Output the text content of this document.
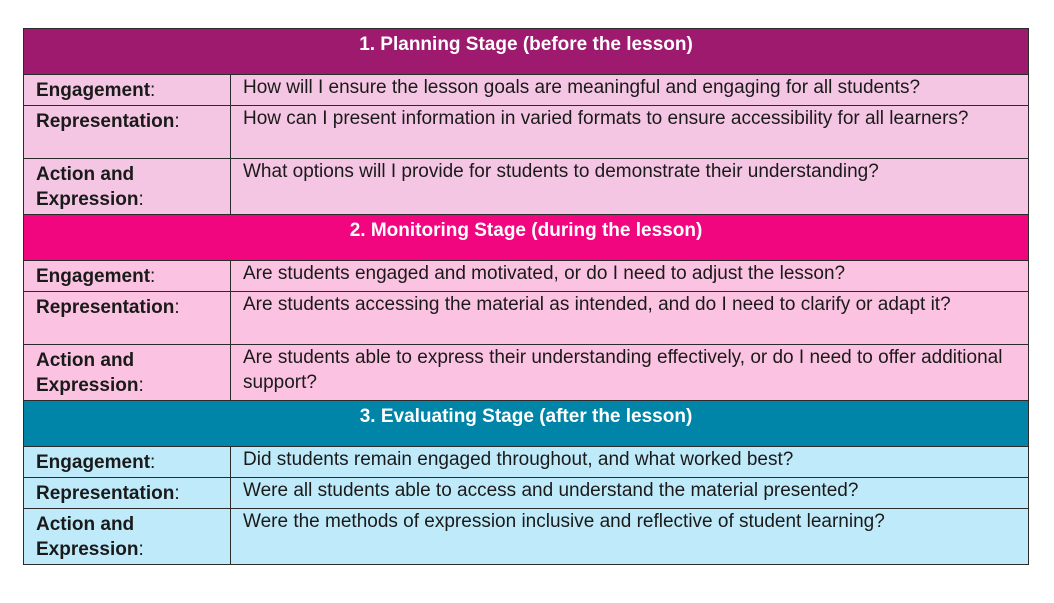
1. Planning Stage (before the lesson)	
Engagement:	How will I ensure the lesson goals are meaningful and engaging for all students?
Representation:	How can I present information in varied formats to ensure accessibility for all learners?
Action and Expression:	What options will I provide for students to demonstrate their understanding?
2. Monitoring Stage (during the lesson)	
Engagement:	Are students engaged and motivated, or do I need to adjust the lesson?
Representation:	Are students accessing the material as intended, and do I need to clarify or adapt it?
Action and Expression:	Are students able to express their understanding effectively, or do I need to offer additional support?
3. Evaluating Stage (after the lesson)	
Engagement:	Did students remain engaged throughout, and what worked best?
Representation:	Were all students able to access and understand the material presented?
Action and Expression:	Were the methods of expression inclusive and reflective of student learning?
